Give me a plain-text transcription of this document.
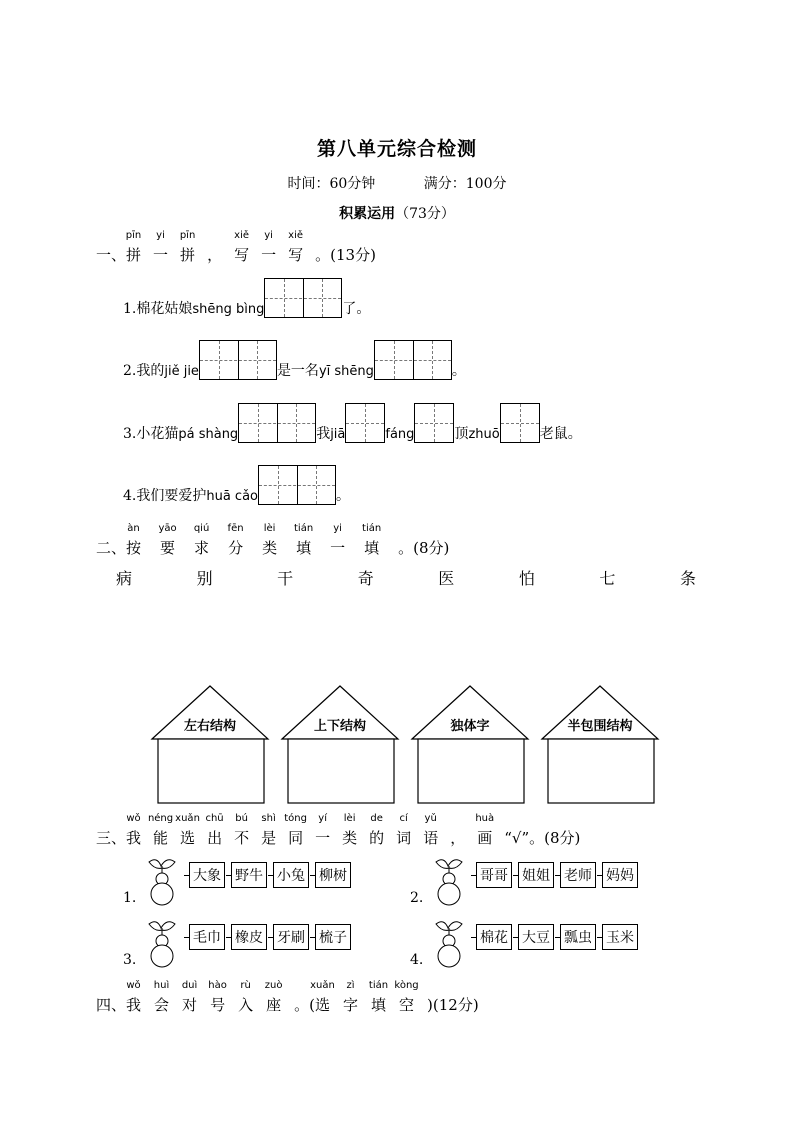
第八单元综合检测
时间：60分钟	满分：100分
积累运用（73分）
一、
pīn
拼
yi
一
pīn
拼 ，
xiě
写
yi
一
xiě
写 。(13分)
1.棉花姑娘shēng bìng	了。
2.我的jiě jie	是一名yī shēng	。
3.小花猫pá shàng	我jiā	fáng	顶zhuō	老鼠。
4.我们要爱护huā cǎo	。
二、
àn
按
yāo
要
qiú
求
fēn
分
lèi
类
tián
填
yi
一
tián
填 。(8分)
病	别	干	奇	医	怕	七	条
左右结构	上下结构	独体字	半包围结构
三、
wǒ
我
néng
能
xuǎn
选
chū
出
bú
不
shì
是
tóng
同
yí
一
lèi
类
de
的
cí
词
yǔ
语 ，
huà
画 “√”。(8分)
1.
大象 野牛 小兔 柳树
2.
哥哥 姐姐 老师 妈妈
3.
毛巾 橡皮 牙刷 梳子
4.
棉花 大豆 瓢虫 玉米
四、
wǒ
我
huì
会
duì
对
hào
号
rù
入
zuò
座 。(
xuǎn
选
zì
字
tián
填
kòng
空 )(12分)
